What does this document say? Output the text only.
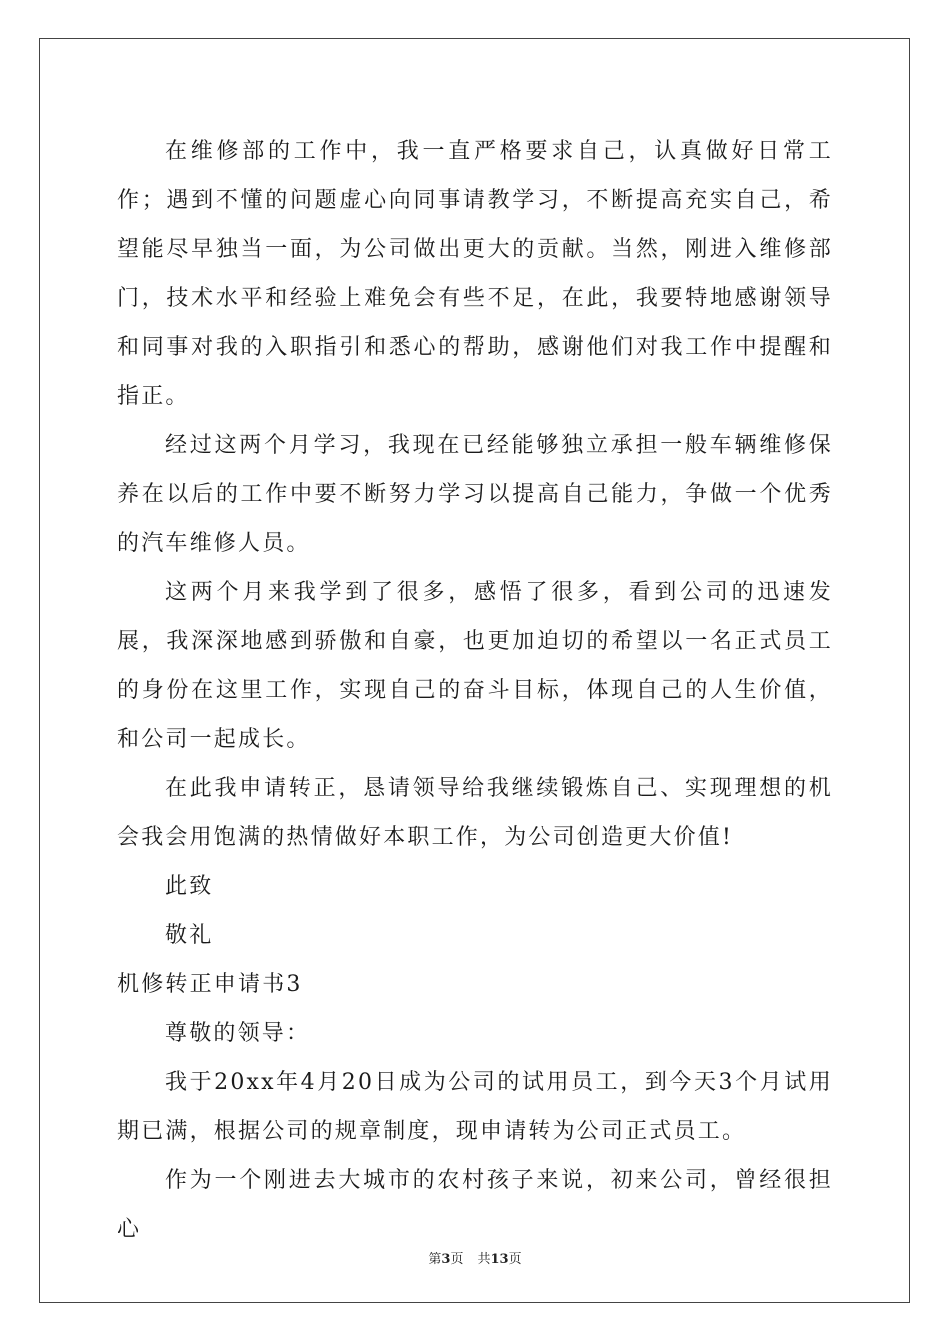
在维修部的工作中，我一直严格要求自己，认真做好日常工作；遇到不懂的问题虚心向同事请教学习，不断提高充实自己，希望能尽早独当一面，为公司做出更大的贡献。当然，刚进入维修部门，技术水平和经验上难免会有些不足，在此，我要特地感谢领导和同事对我的入职指引和悉心的帮助，感谢他们对我工作中提醒和指正。

经过这两个月学习，我现在已经能够独立承担一般车辆维修保养在以后的工作中要不断努力学习以提高自己能力，争做一个优秀的汽车维修人员。

这两个月来我学到了很多，感悟了很多，看到公司的迅速发展，我深深地感到骄傲和自豪，也更加迫切的希望以一名正式员工的身份在这里工作，实现自己的奋斗目标，体现自己的人生价值，和公司一起成长。

在此我申请转正，恳请领导给我继续锻炼自己、实现理想的机会我会用饱满的热情做好本职工作，为公司创造更大价值!

此致

敬礼

机修转正申请书3

尊敬的领导：

我于20xx年4月20日成为公司的试用员工，到今天3个月试用期已满，根据公司的规章制度，现申请转为公司正式员工。

作为一个刚进去大城市的农村孩子来说，初来公司，曾经很担心

第3页 共13页
